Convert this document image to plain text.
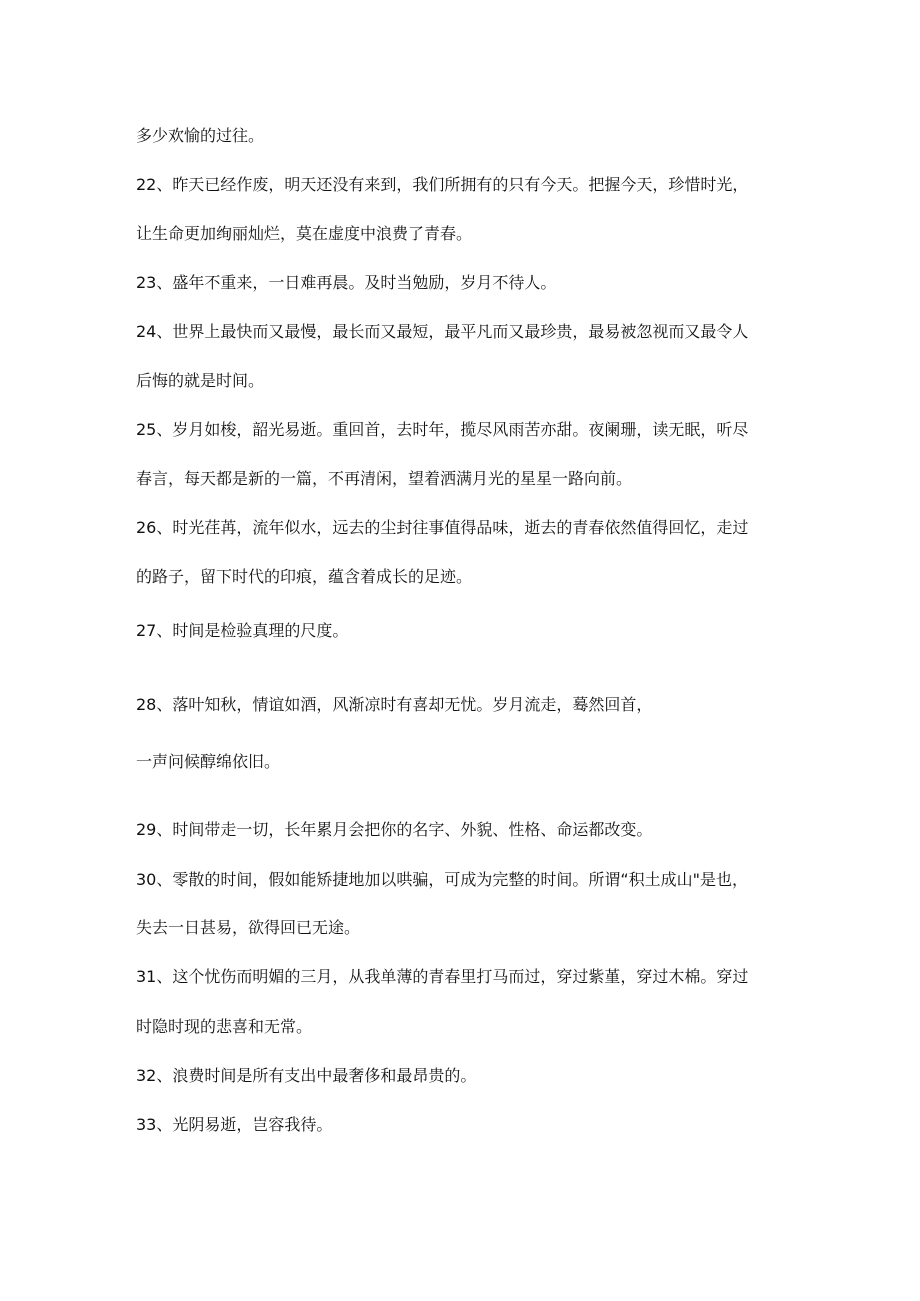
多少欢愉的过往。
22、昨天已经作废，明天还没有来到，我们所拥有的只有今天。把握今天，珍惜时光，
让生命更加绚丽灿烂，莫在虚度中浪费了青春。
23、盛年不重来，一日难再晨。及时当勉励，岁月不待人。
24、世界上最快而又最慢，最长而又最短，最平凡而又最珍贵，最易被忽视而又最令人
后悔的就是时间。
25、岁月如梭，韶光易逝。重回首，去时年，揽尽风雨苦亦甜。夜阑珊，读无眠，听尽
春言，每天都是新的一篇，不再清闲，望着洒满月光的星星一路向前。
26、时光荏苒，流年似水，远去的尘封往事值得品味，逝去的青春依然值得回忆，走过
的路子，留下时代的印痕，蕴含着成长的足迹。
27、时间是检验真理的尺度。
28、落叶知秋，情谊如酒，风渐凉时有喜却无忧。岁月流走，蓦然回首，
一声问候醇绵依旧。
29、时间带走一切，长年累月会把你的名字、外貌、性格、命运都改变。
30、零散的时间，假如能矫捷地加以哄骗，可成为完整的时间。所谓“积土成山"是也，
失去一日甚易，欲得回已无途。
31、这个忧伤而明媚的三月，从我单薄的青春里打马而过，穿过紫堇，穿过木棉。穿过
时隐时现的悲喜和无常。
32、浪费时间是所有支出中最奢侈和最昂贵的。
33、光阴易逝，岂容我待。
